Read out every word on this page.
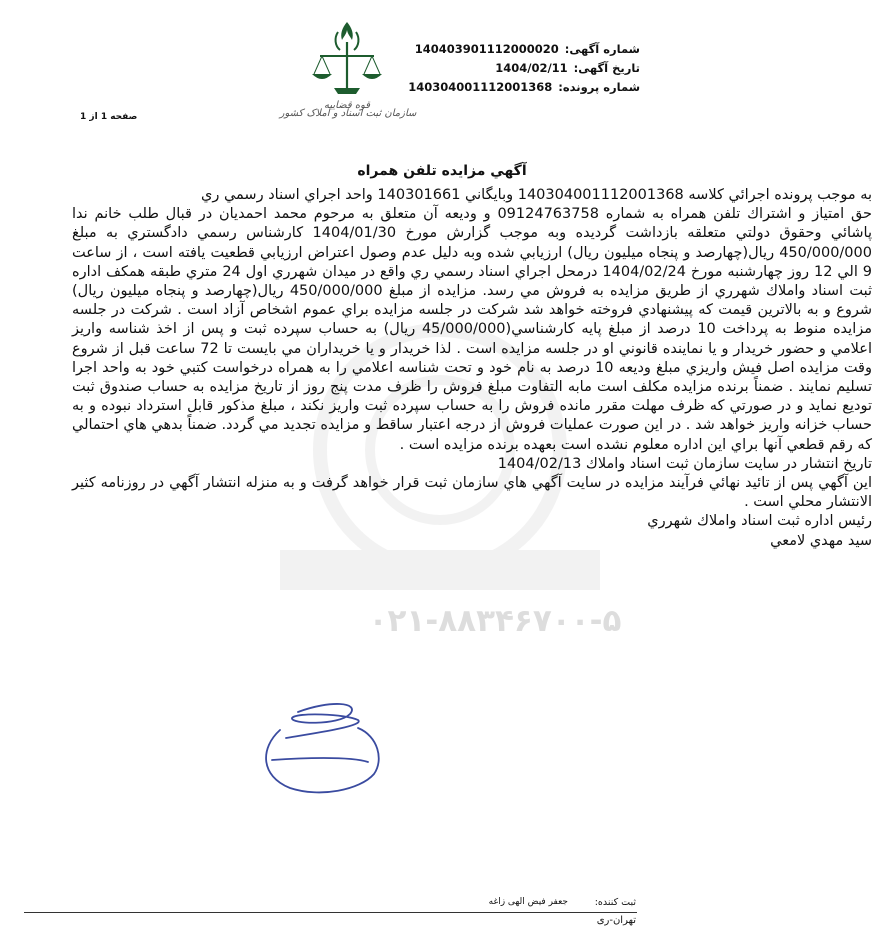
شماره آگهی:140403901112000020
تاریخ آگهی:1404/02/11
شماره پرونده:140304001112001368
قوه قضاییه
سازمان ثبت اسناد و املاک کشور
صفحه 1 از 1
آگهي مزايده تلفن همراه

به موجب پرونده اجرائي كلاسه 140304001112001368 وبايگاني 140301661 واحد اجراي اسناد رسمي ري

حق امتياز و اشتراك تلفن همراه به شماره 09124763758 و وديعه آن متعلق به مرحوم محمد احمديان در قبال طلب خانم ندا پاشائي وحقوق دولتي متعلقه بازداشت گرديده وبه موجب گزارش مورخ 1404/01/30 كارشناس رسمي دادگستري به مبلغ 450/000/000 ريال(چهارصد و پنجاه ميليون ريال) ارزيابي شده وبه دليل عدم وصول اعتراض ارزيابي قطعيت يافته است ، از ساعت 9 الي 12 روز چهارشنبه مورخ 1404/02/24 درمحل اجراي اسناد رسمي ري واقع در ميدان شهرري اول 24 متري طبقه همكف اداره ثبت اسناد واملاك شهرري از طريق مزايده به فروش مي رسد. مزايده از مبلغ 450/000/000 ريال(چهارصد و پنجاه ميليون ريال) شروع و به بالاترين قيمت كه پيشنهادي فروخته خواهد شد شركت در جلسه مزايده براي عموم اشخاص آزاد است . شركت در جلسه مزايده منوط به پرداخت 10 درصد از مبلغ پايه كارشناسي(45/000/000 ريال) به حساب سپرده ثبت و پس از اخذ شناسه واريز اعلامي و حضور خريدار و يا نماينده قانوني او در جلسه مزايده است . لذا خريدار و يا خريداران مي بايست تا 72 ساعت قبل از شروع وقت مزايده اصل فيش واريزي مبلغ وديعه 10 درصد به نام خود و تحت شناسه اعلامي را به همراه درخواست كتبي خود به واحد اجرا تسليم نمايند . ضمناً برنده مزايده مكلف است مابه التفاوت مبلغ فروش را ظرف مدت پنج روز از تاريخ مزايده به حساب صندوق ثبت توديع نمايد و در صورتي كه ظرف مهلت مقرر مانده فروش را به حساب سپرده ثبت واريز نكند ، مبلغ مذكور قابل استرداد نبوده و به حساب خزانه واريز خواهد شد . در اين صورت عمليات فروش از درجه اعتبار ساقط و مزايده تجديد مي گردد. ضمناً بدهي هاي احتمالي كه رقم قطعي آنها براي اين اداره معلوم نشده است بعهده برنده مزايده است .

تاريخ انتشار در سايت سازمان ثبت اسناد واملاك 1404/02/13

اين آگهي پس از تائيد نهائي فرآيند مزايده در سايت آگهي هاي سازمان ثبت قرار خواهد گرفت و به منزله انتشار آگهي در روزنامه كثير الانتشار محلي است .

رئيس اداره ثبت اسناد واملاك شهرري

سيد مهدي لامعي

۰۲۱-۸۸۳۴۶۷۰۰-۵
ثبت کننده:
جعفر فیض الهی زاغه
تهران-ری
